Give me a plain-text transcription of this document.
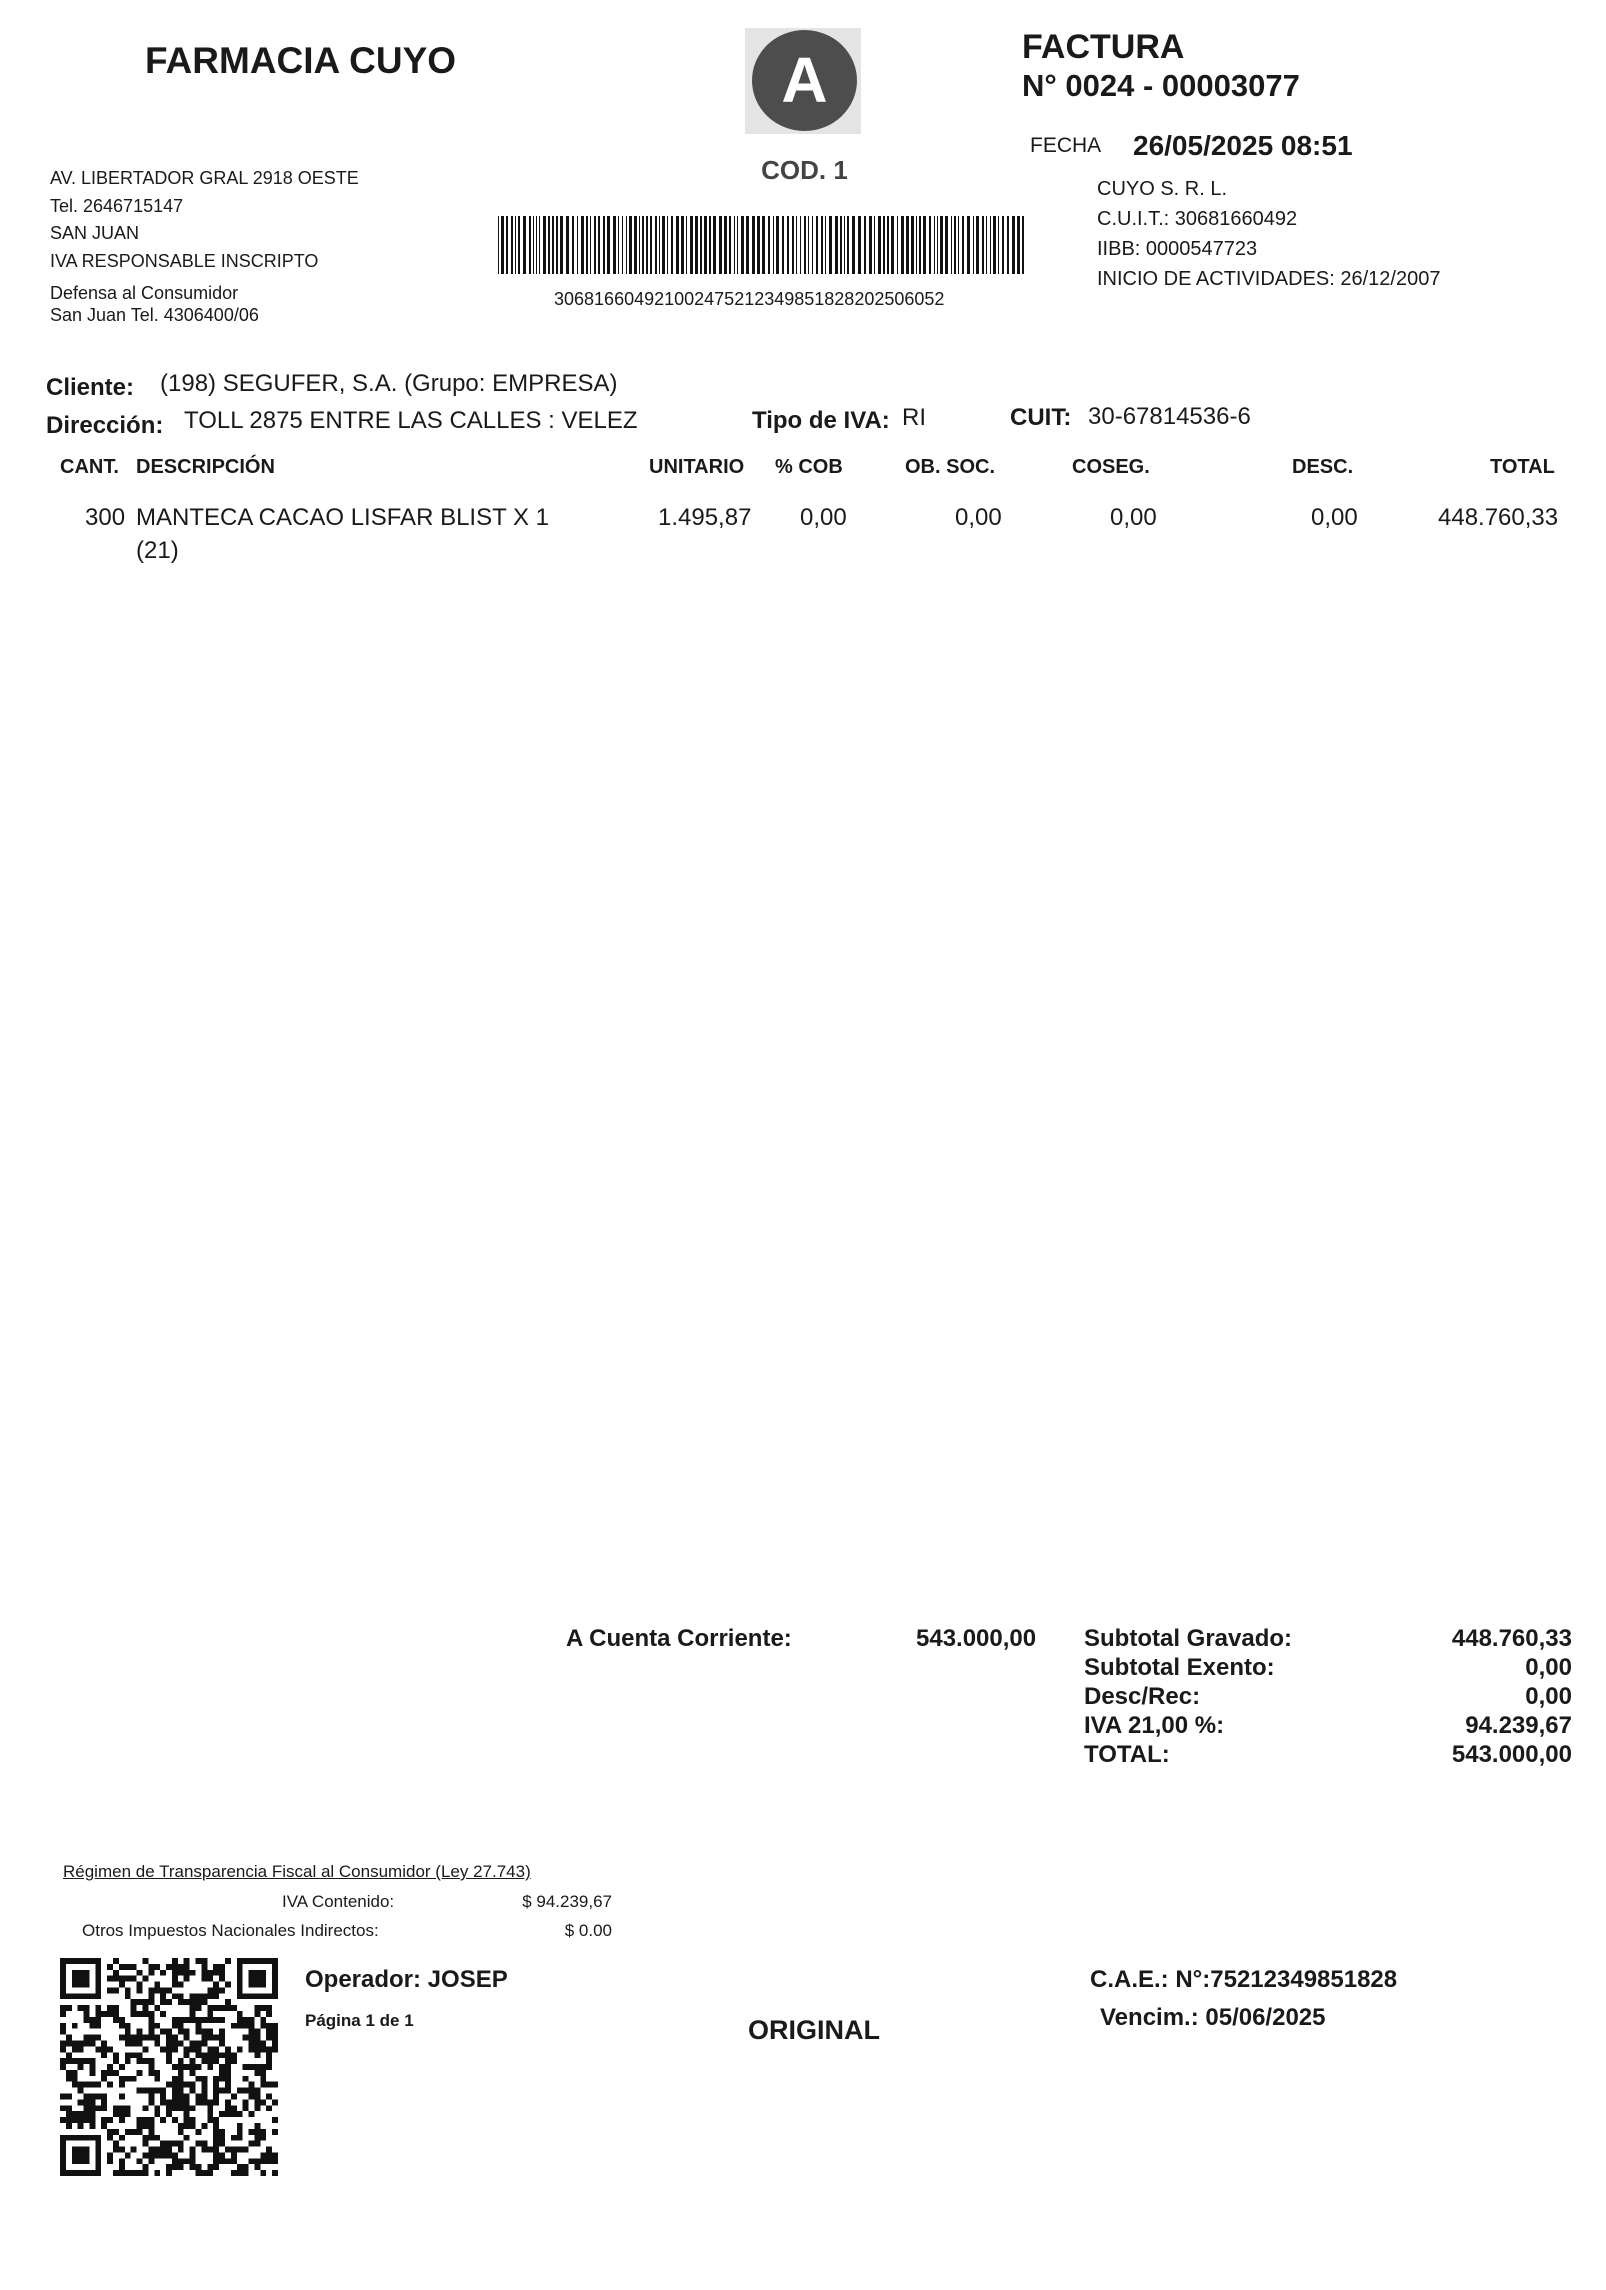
FARMACIA CUYO
AV. LIBERTADOR GRAL 2918 OESTE
Tel. 2646715147
SAN JUAN
IVA RESPONSABLE INSCRIPTO
Defensa al Consumidor
San Juan Tel. 4306400/06
A
COD. 1
306816604921002475212349851828202506052
FACTURA
N° 0024 - 00003077
FECHA 26/05/2025 08:51
CUYO S. R. L.
C.U.I.T.: 30681660492
IIBB: 0000547723
INICIO DE ACTIVIDADES: 26/12/2007
Cliente: (198) SEGUFER, S.A. (Grupo: EMPRESA)
Dirección: TOLL 2875 ENTRE LAS CALLES : VELEZ	Tipo de IVA: RI	CUIT: 30-67814536-6
CANT. DESCRIPCIÓN	UNITARIO % COB	OB. SOC.	COSEG.	DESC.	TOTAL
300 MANTECA CACAO LISFAR BLIST X 1
(21)
1.495,87 0,00	0,00	0,00	0,00	448.760,33
A Cuenta Corriente:	543.000,00 Subtotal Gravado:	448.760,33
Subtotal Exento:	0,00
Desc/Rec:	0,00
IVA 21,00 %:	94.239,67
TOTAL:	543.000,00
Régimen de Transparencia Fiscal al Consumidor (Ley 27.743)
IVA Contenido:	$ 94.239,67
Otros Impuestos Nacionales Indirectos:	$ 0.00
Operador: JOSEP
Página 1 de 1	ORIGINAL
C.A.E.: N°:75212349851828
Vencim.: 05/06/2025
